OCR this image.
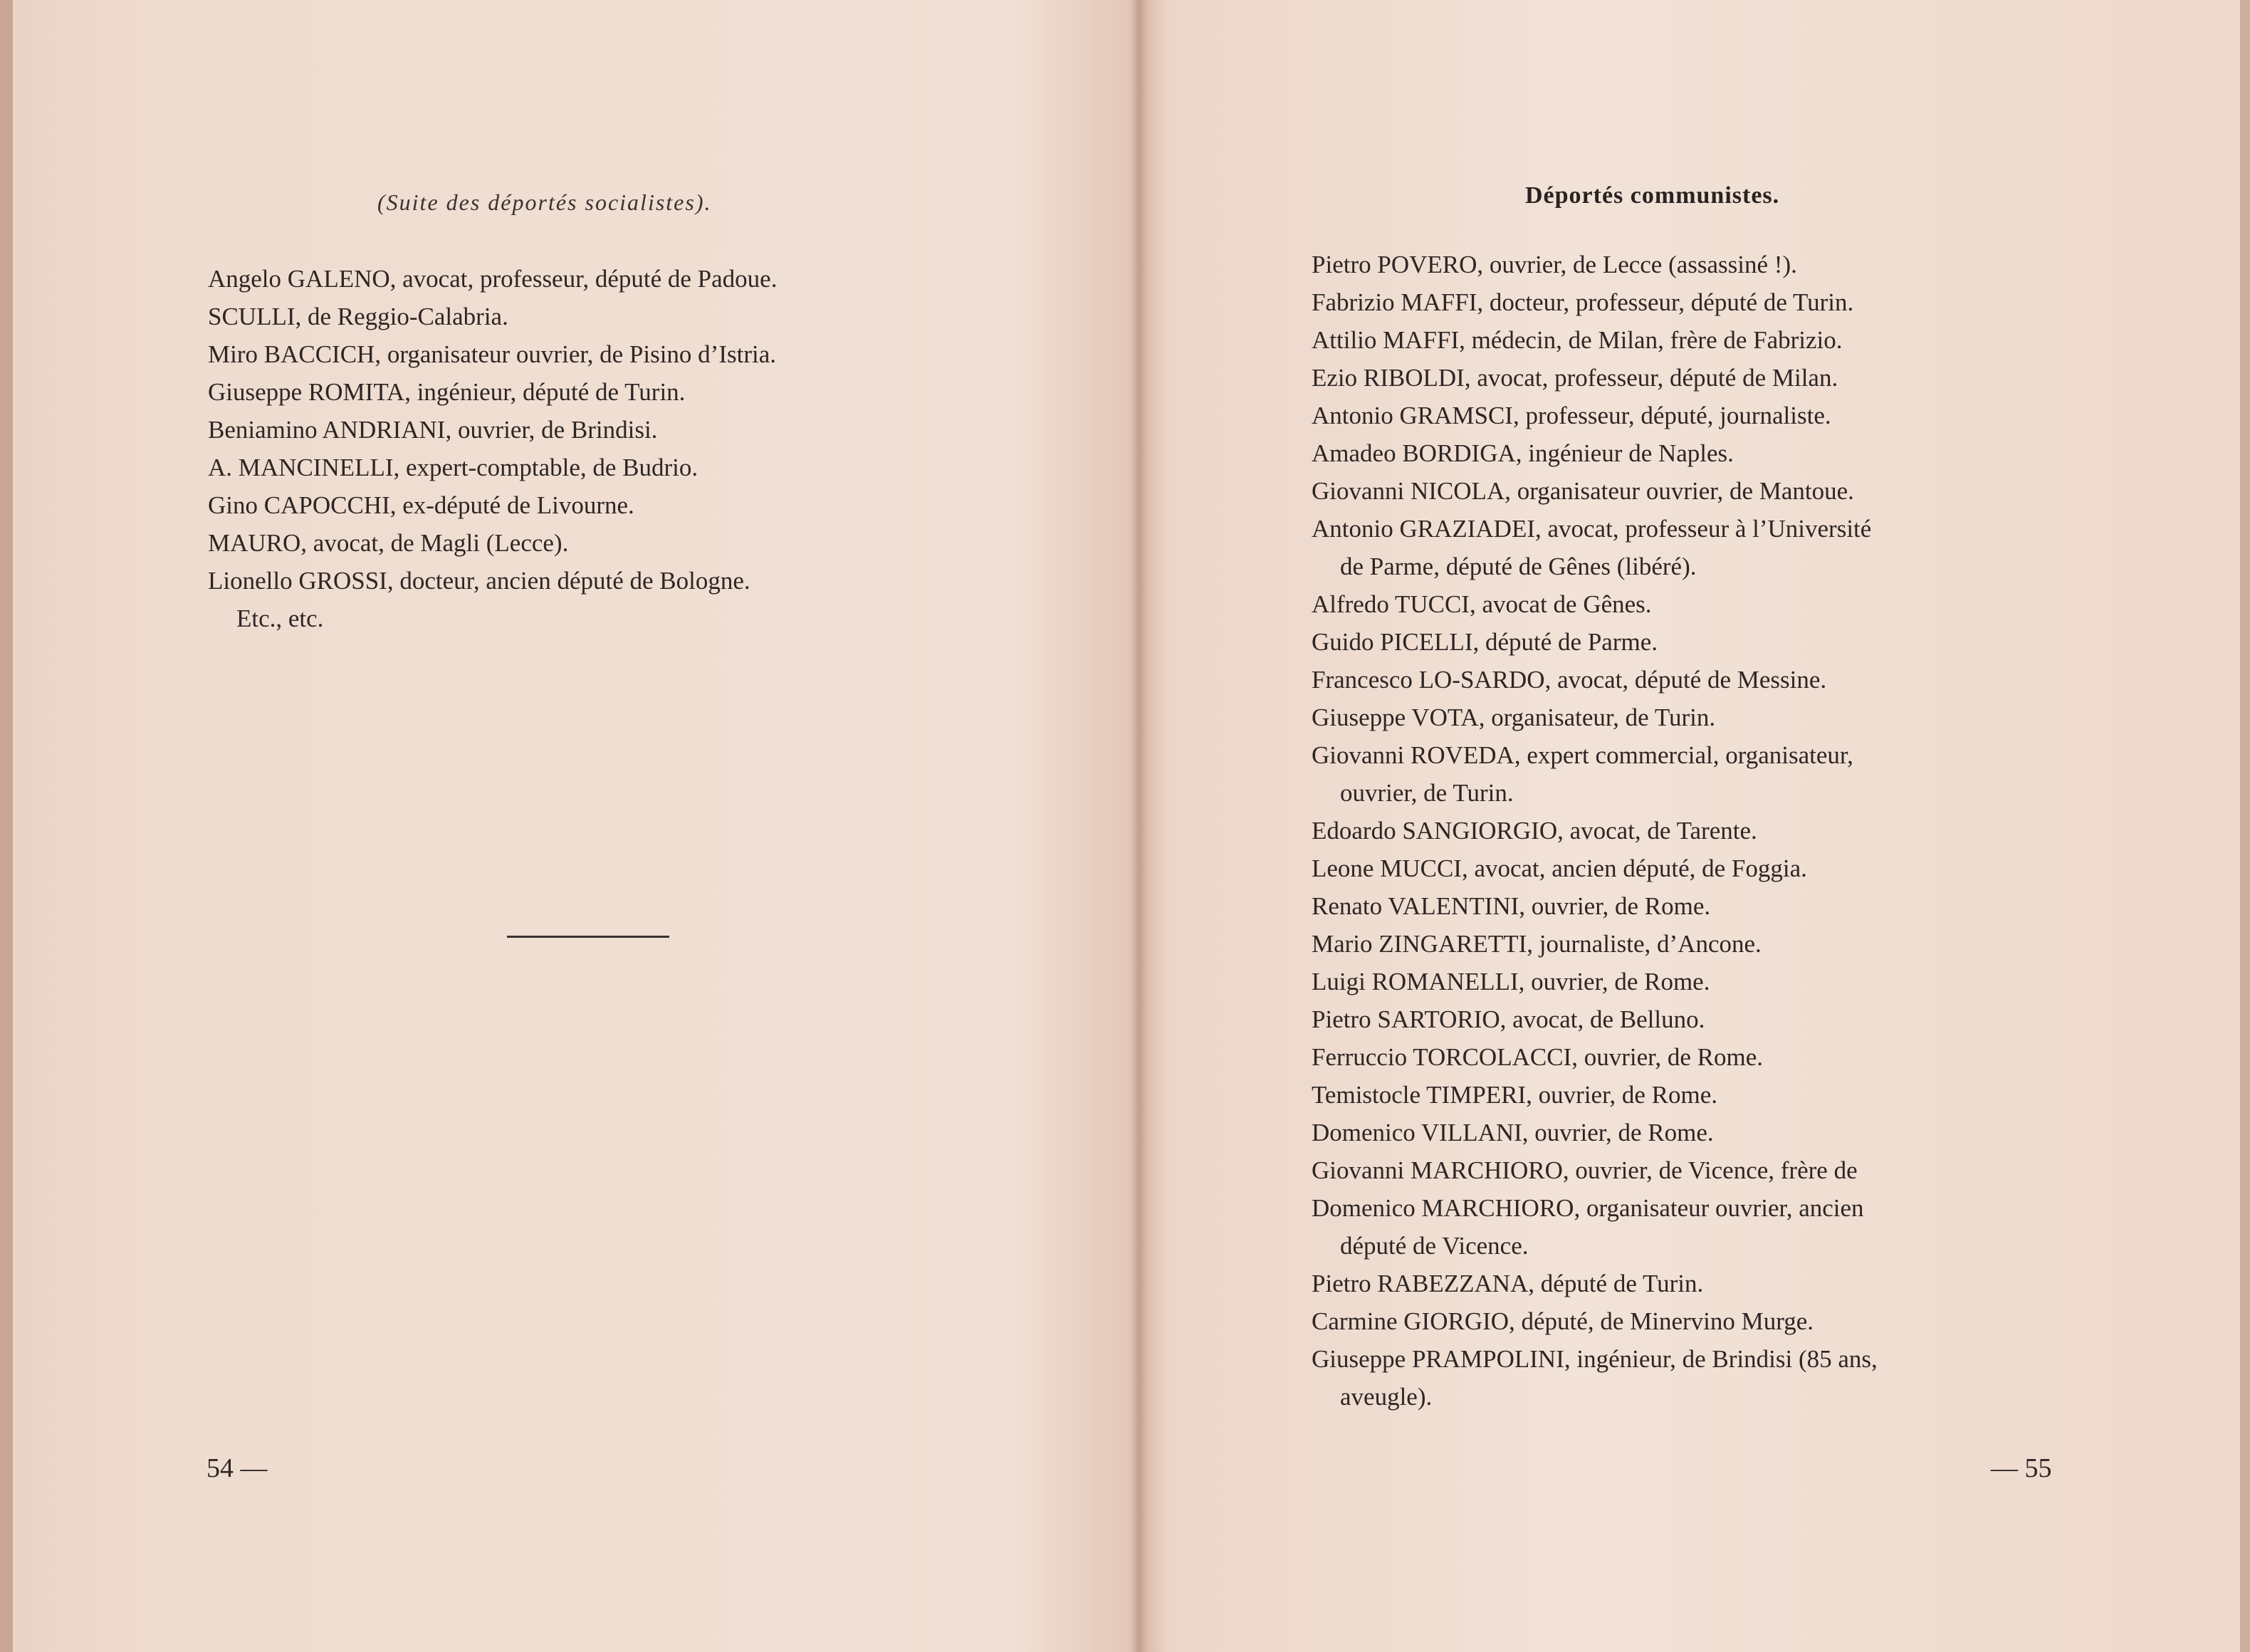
(Suite des déportés socialistes).
Angelo GALENO, avocat, professeur, député de Padoue.
SCULLI, de Reggio-Calabria.
Miro BACCICH, organisateur ouvrier, de Pisino d’Istria.
Giuseppe ROMITA, ingénieur, député de Turin.
Beniamino ANDRIANI, ouvrier, de Brindisi.
A. MANCINELLI, expert-comptable, de Budrio.
Gino CAPOCCHI, ex-député de Livourne.
MAURO, avocat, de Magli (Lecce).
Lionello GROSSI, docteur, ancien député de Bologne.
Etc., etc.
54 —
Déportés communistes.
Pietro POVERO, ouvrier, de Lecce (assassiné !).
Fabrizio MAFFI, docteur, professeur, député de Turin.
Attilio MAFFI, médecin, de Milan, frère de Fabrizio.
Ezio RIBOLDI, avocat, professeur, député de Milan.
Antonio GRAMSCI, professeur, député, journaliste.
Amadeo BORDIGA, ingénieur de Naples.
Giovanni NICOLA, organisateur ouvrier, de Mantoue.
Antonio GRAZIADEI, avocat, professeur à l’Université
de Parme, député de Gênes (libéré).
Alfredo TUCCI, avocat de Gênes.
Guido PICELLI, député de Parme.
Francesco LO-SARDO, avocat, député de Messine.
Giuseppe VOTA, organisateur, de Turin.
Giovanni ROVEDA, expert commercial, organisateur,
ouvrier, de Turin.
Edoardo SANGIORGIO, avocat, de Tarente.
Leone MUCCI, avocat, ancien député, de Foggia.
Renato VALENTINI, ouvrier, de Rome.
Mario ZINGARETTI, journaliste, d’Ancone.
Luigi ROMANELLI, ouvrier, de Rome.
Pietro SARTORIO, avocat, de Belluno.
Ferruccio TORCOLACCI, ouvrier, de Rome.
Temistocle TIMPERI, ouvrier, de Rome.
Domenico VILLANI, ouvrier, de Rome.
Giovanni MARCHIORO, ouvrier, de Vicence, frère de
Domenico MARCHIORO, organisateur ouvrier, ancien
député de Vicence.
Pietro RABEZZANA, député de Turin.
Carmine GIORGIO, député, de Minervino Murge.
Giuseppe PRAMPOLINI, ingénieur, de Brindisi (85 ans,
aveugle).
— 55
